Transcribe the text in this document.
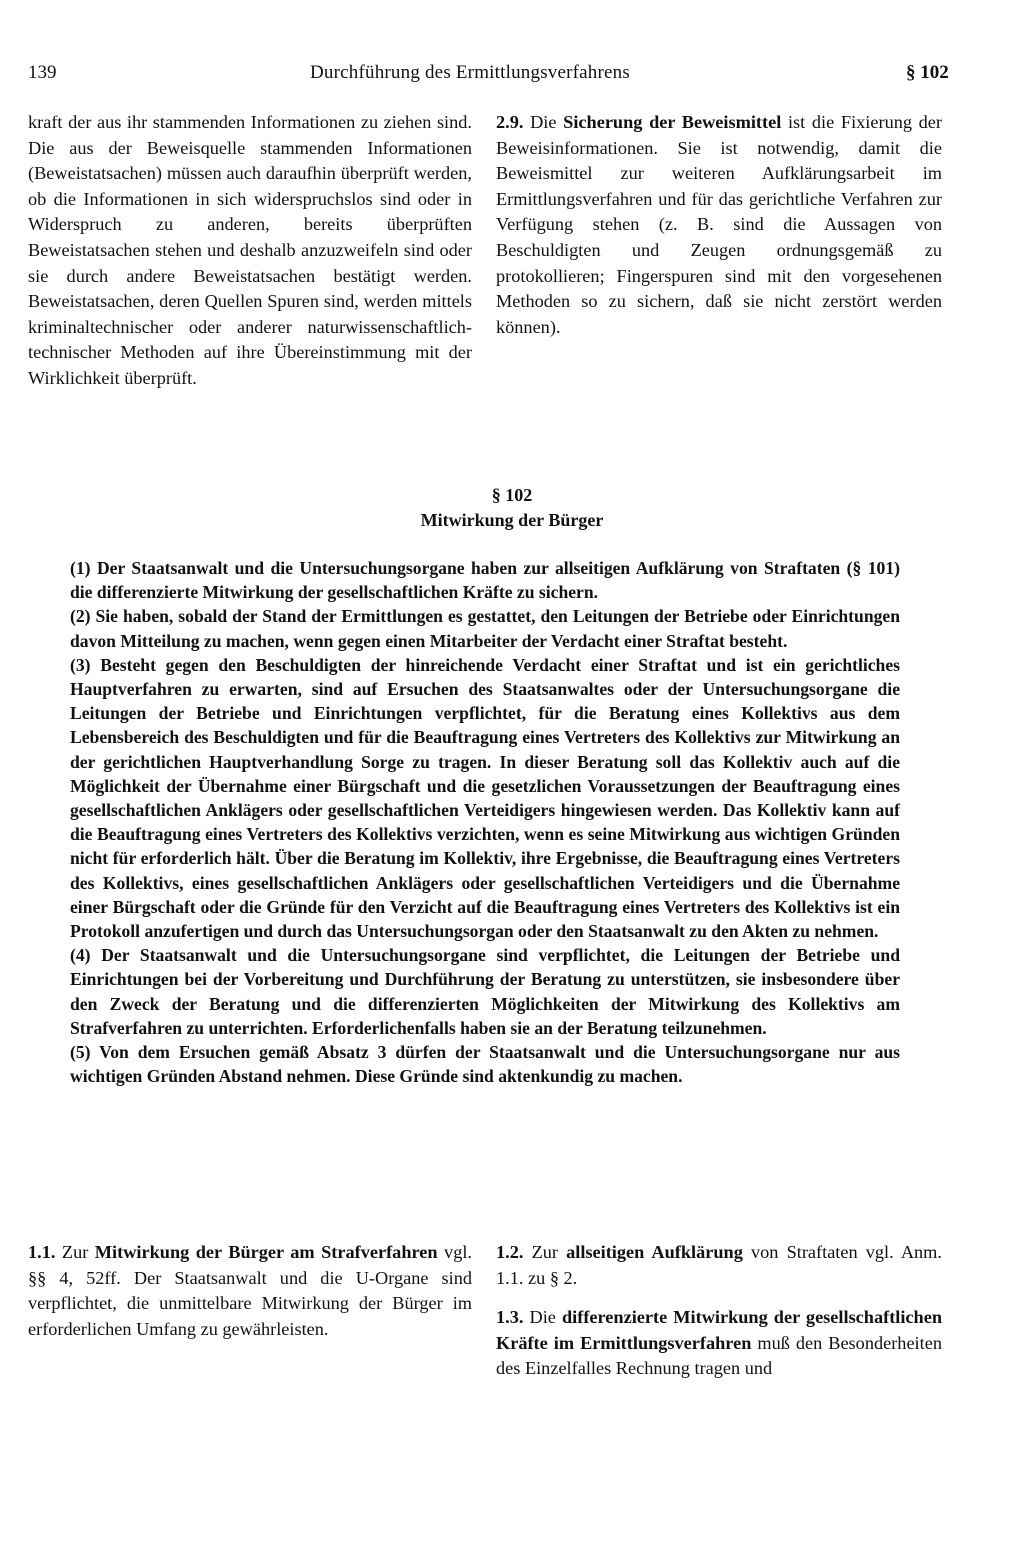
139	Durchführung des Ermittlungsverfahrens	§ 102

kraft der aus ihr stammenden Informationen zu ziehen sind. Die aus der Beweisquelle stammenden Informationen (Beweistatsachen) müssen auch daraufhin überprüft werden, ob die Informationen in sich widerspruchslos sind oder in Widerspruch zu anderen, bereits überprüften Beweistatsachen stehen und deshalb anzuzweifeln sind oder sie durch andere Beweistatsachen bestätigt werden. Beweistatsachen, deren Quellen Spuren sind, werden mittels kriminaltechnischer oder anderer naturwissenschaftlich-technischer Methoden auf ihre Übereinstimmung mit der Wirklichkeit überprüft.

2.9. Die Sicherung der Beweismittel ist die Fixierung der Beweisinformationen. Sie ist notwendig, damit die Beweismittel zur weiteren Aufklärungsarbeit im Ermittlungsverfahren und für das gerichtliche Verfahren zur Verfügung stehen (z. B. sind die Aussagen von Beschuldigten und Zeugen ordnungsgemäß zu protokollieren; Fingerspuren sind mit den vorgesehenen Methoden so zu sichern, daß sie nicht zerstört werden können).

§ 102
Mitwirkung der Bürger

(1) Der Staatsanwalt und die Untersuchungsorgane haben zur allseitigen Aufklärung von Straftaten (§ 101) die differenzierte Mitwirkung der gesellschaftlichen Kräfte zu sichern.

(2) Sie haben, sobald der Stand der Ermittlungen es gestattet, den Leitungen der Betriebe oder Einrichtungen davon Mitteilung zu machen, wenn gegen einen Mitarbeiter der Verdacht einer Straftat besteht.

(3) Besteht gegen den Beschuldigten der hinreichende Verdacht einer Straftat und ist ein gerichtliches Hauptverfahren zu erwarten, sind auf Ersuchen des Staatsanwaltes oder der Untersuchungsorgane die Leitungen der Betriebe und Einrichtungen verpflichtet, für die Beratung eines Kollektivs aus dem Lebensbereich des Beschuldigten und für die Beauftragung eines Vertreters des Kollektivs zur Mitwirkung an der gerichtlichen Hauptverhandlung Sorge zu tragen. In dieser Beratung soll das Kollektiv auch auf die Möglichkeit der Übernahme einer Bürgschaft und die gesetzlichen Voraussetzungen der Beauftragung eines gesellschaftlichen Anklägers oder gesellschaftlichen Verteidigers hingewiesen werden. Das Kollektiv kann auf die Beauftragung eines Vertreters des Kollektivs verzichten, wenn es seine Mitwirkung aus wichtigen Gründen nicht für erforderlich hält. Über die Beratung im Kollektiv, ihre Ergebnisse, die Beauftragung eines Vertreters des Kollektivs, eines gesellschaftlichen Anklägers oder gesellschaftlichen Verteidigers und die Übernahme einer Bürgschaft oder die Gründe für den Verzicht auf die Beauftragung eines Vertreters des Kollektivs ist ein Protokoll anzufertigen und durch das Untersuchungsorgan oder den Staatsanwalt zu den Akten zu nehmen.

(4) Der Staatsanwalt und die Untersuchungsorgane sind verpflichtet, die Leitungen der Betriebe und Einrichtungen bei der Vorbereitung und Durchführung der Beratung zu unterstützen, sie insbesondere über den Zweck der Beratung und die differenzierten Möglichkeiten der Mitwirkung des Kollektivs am Strafverfahren zu unterrichten. Erforderlichenfalls haben sie an der Beratung teilzunehmen.

(5) Von dem Ersuchen gemäß Absatz 3 dürfen der Staatsanwalt und die Untersuchungsorgane nur aus wichtigen Gründen Abstand nehmen. Diese Gründe sind aktenkundig zu machen.

1.1. Zur Mitwirkung der Bürger am Strafverfahren vgl. §§ 4, 52ff. Der Staatsanwalt und die U-Organe sind verpflichtet, die unmittelbare Mitwirkung der Bürger im erforderlichen Umfang zu gewährleisten.

1.2. Zur allseitigen Aufklärung von Straftaten vgl. Anm. 1.1. zu § 2.

1.3. Die differenzierte Mitwirkung der gesellschaftlichen Kräfte im Ermittlungsverfahren muß den Besonderheiten des Einzelfalles Rechnung tragen und
